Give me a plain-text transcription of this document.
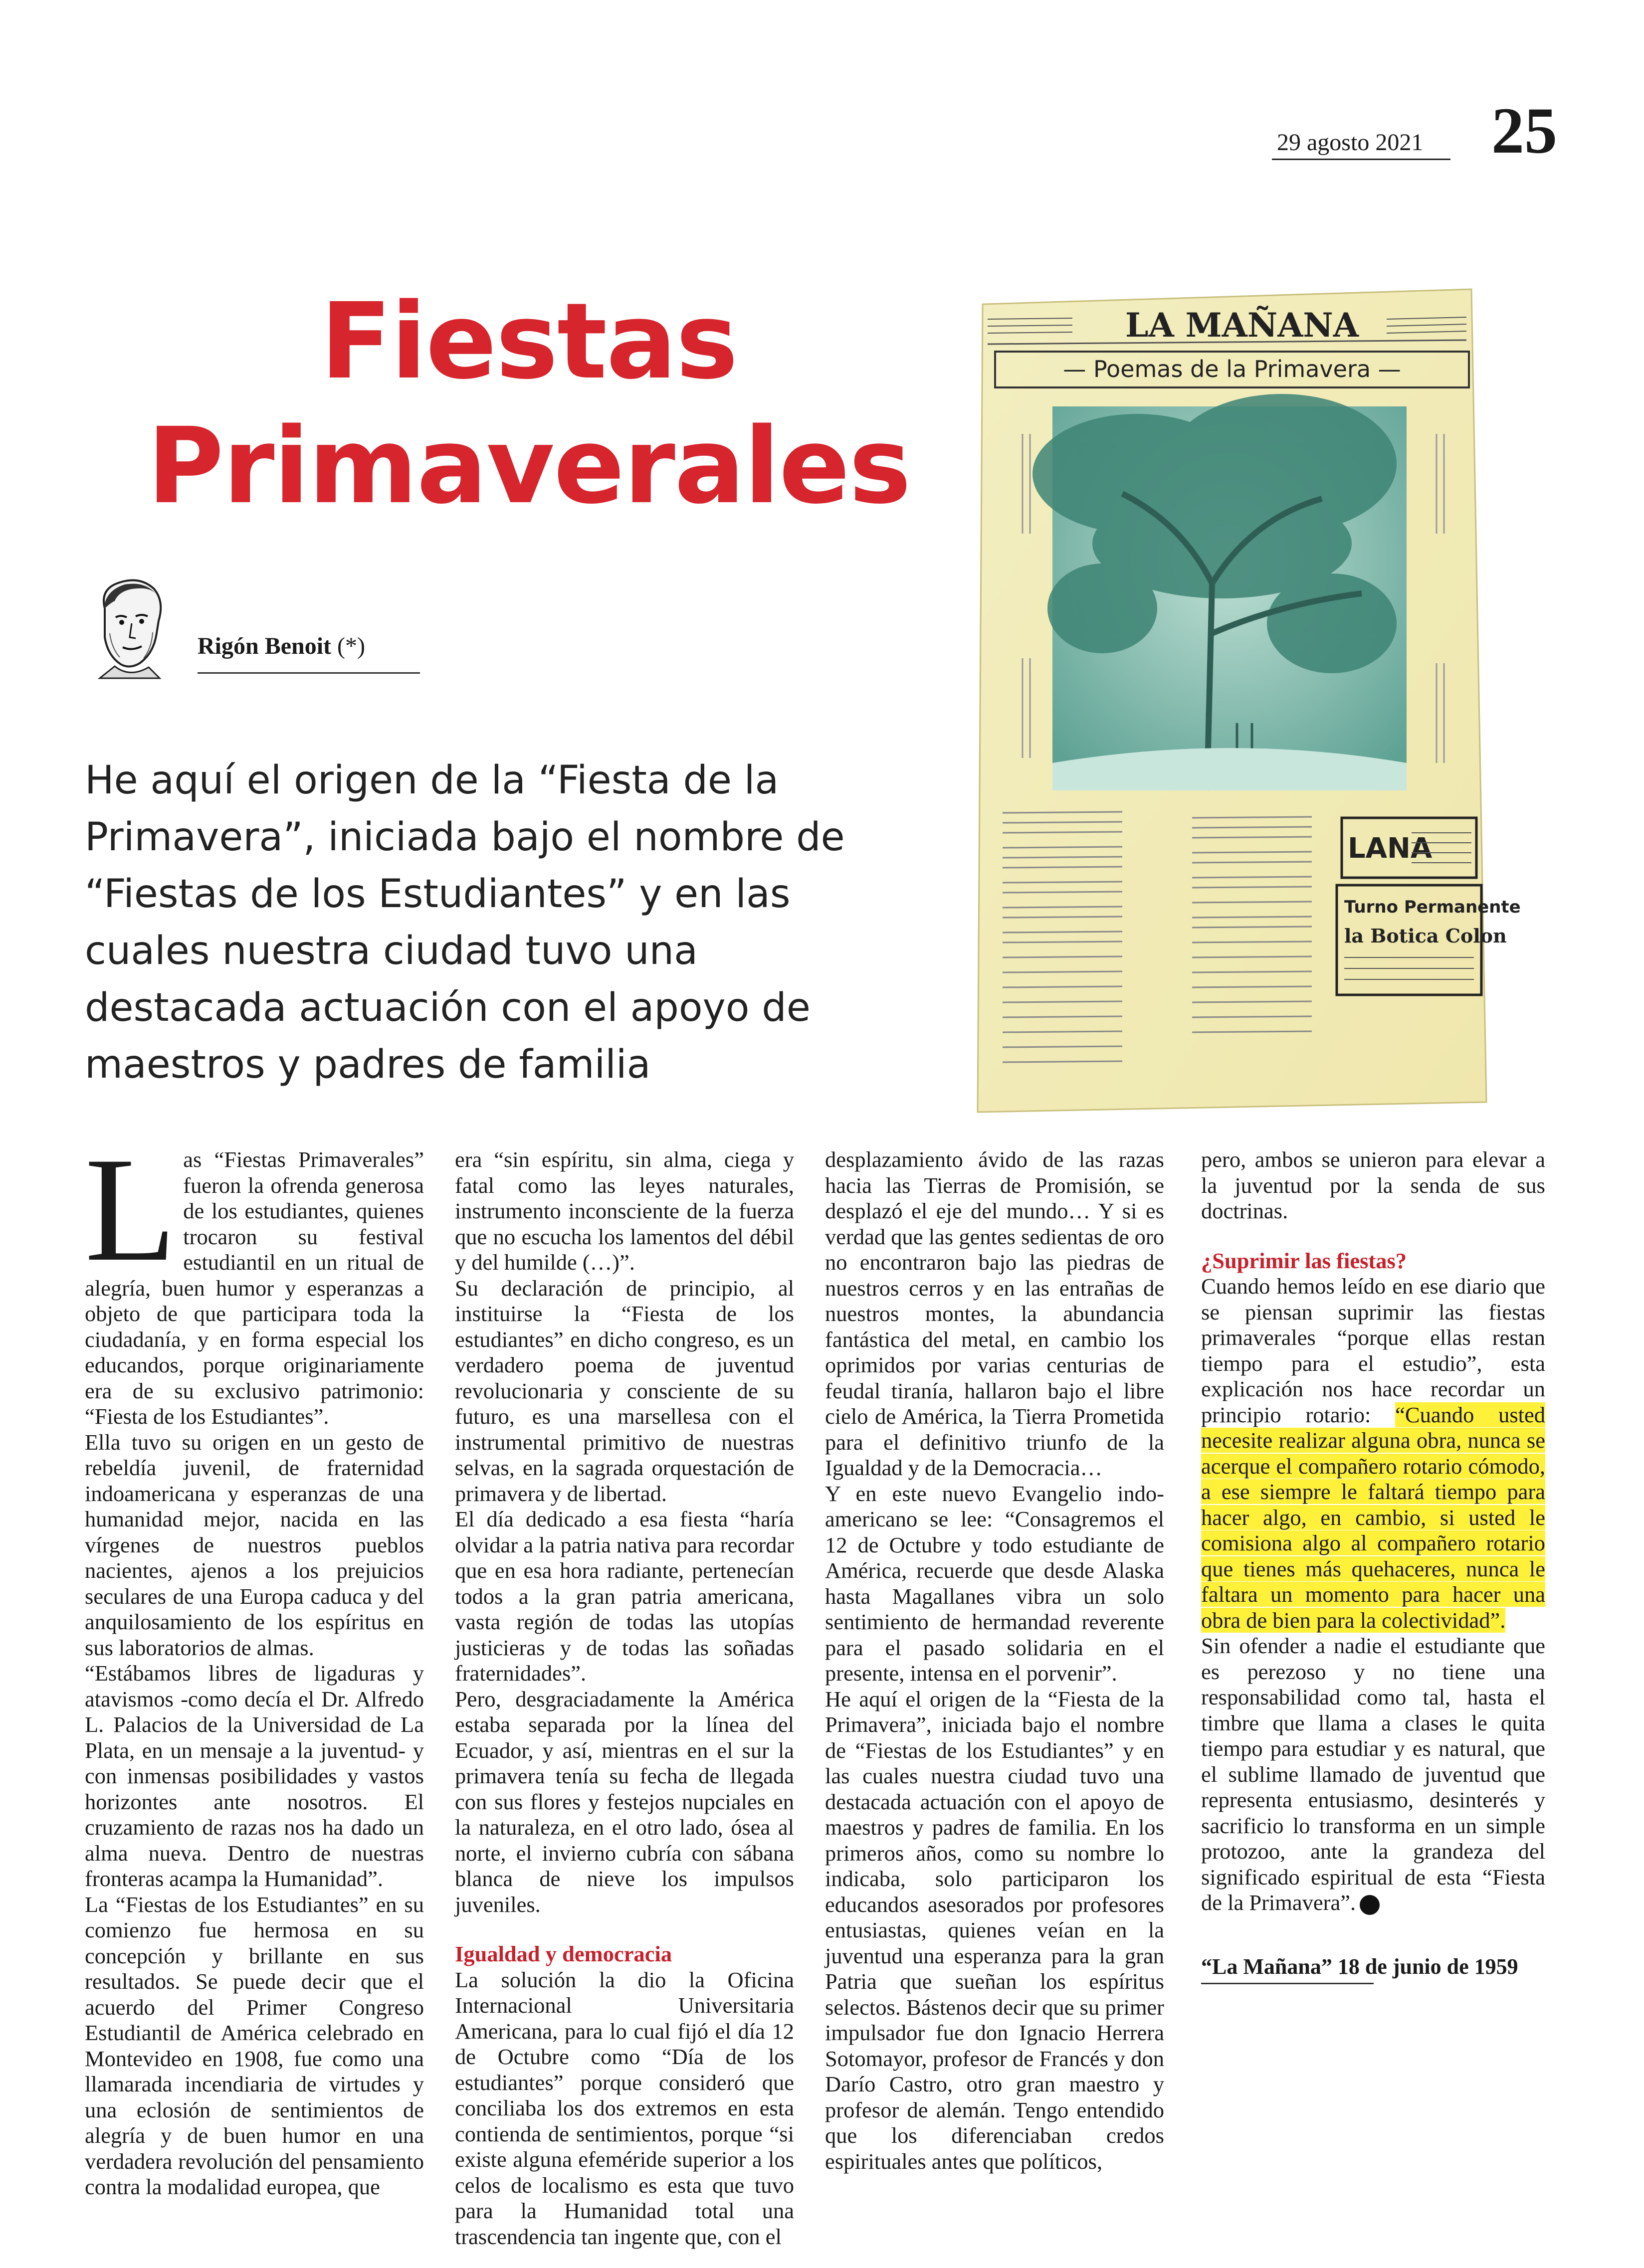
29 agosto 2021 25
Fiestas
Primaverales
Rigón Benoit (*)
He aquí el origen de la “Fiesta de la Primavera”, iniciada bajo el nombre de “Fiestas de los Estudiantes” y en las cuales nuestra ciudad tuvo una destacada actuación con el apoyo de maestros y padres de familia
LA MAÑANA
— Poemas de la Primavera —
LANA
Turno Permanente
la Botica Colon
L as “Fiestas Primaverales” fueron la ofrenda generosa de los estudiantes, quienes trocaron su festival estudiantil en un ritual de alegría, buen humor y esperanzas a objeto de que participara toda la ciudadanía, y en forma especial los educandos, porque originariamente era de su exclusivo patrimonio: “Fiesta de los Estudiantes”.

Ella tuvo su origen en un gesto de rebeldía juvenil, de fraternidad indoamericana y esperanzas de una humanidad mejor, nacida en las vírgenes de nuestros pueblos nacientes, ajenos a los prejuicios seculares de una Europa caduca y del anquilosamiento de los espíritus en sus laboratorios de almas.

“Estábamos libres de ligaduras y atavismos -como decía el Dr. Alfredo L. Palacios de la Universidad de La Plata, en un mensaje a la juventud- y con inmensas posibilidades y vastos horizontes ante nosotros. El cruzamiento de razas nos ha dado un alma nueva. Dentro de nuestras fronteras acampa la Humanidad”.

La “Fiestas de los Estudiantes” en su comienzo fue hermosa en su concepción y brillante en sus resultados. Se puede decir que el acuerdo del Primer Congreso Estudiantil de América celebrado en Montevideo en 1908, fue como una llamarada incendiaria de virtudes y una eclosión de sentimientos de alegría y de buen humor en una verdadera revolución del pensamiento contra la modalidad europea, que

era “sin espíritu, sin alma, ciega y fatal como las leyes naturales, instrumento inconsciente de la fuerza que no escucha los lamentos del débil y del humilde (…)”.

Su declaración de principio, al instituirse la “Fiesta de los estudiantes” en dicho congreso, es un verdadero poema de juventud revolucionaria y consciente de su futuro, es una marsellesa con el instrumental primitivo de nuestras selvas, en la sagrada orquestación de primavera y de libertad.

El día dedicado a esa fiesta “haría olvidar a la patria nativa para recordar que en esa hora radiante, pertenecían todos a la gran patria americana, vasta región de todas las utopías justicieras y de todas las soñadas fraternidades”.

Pero, desgraciadamente la América estaba separada por la línea del Ecuador, y así, mientras en el sur la primavera tenía su fecha de llegada con sus flores y festejos nupciales en la naturaleza, en el otro lado, ósea al norte, el invierno cubría con sábana blanca de nieve los impulsos juveniles.

Igualdad y democracia

La solución la dio la Oficina Internacional Universitaria Americana, para lo cual fijó el día 12 de Octubre como “Día de los estudiantes” porque consideró que conciliaba los dos extremos en esta contienda de sentimientos, porque “si existe alguna efeméride superior a los celos de localismo es esta que tuvo para la Humanidad total una trascendencia tan ingente que, con el

desplazamiento ávido de las razas hacia las Tierras de Promisión, se desplazó el eje del mundo… Y si es verdad que las gentes sedientas de oro no encontraron bajo las piedras de nuestros cerros y en las entrañas de nuestros montes, la abundancia fantástica del metal, en cambio los oprimidos por varias centurias de feudal tiranía, hallaron bajo el libre cielo de América, la Tierra Prometida para el definitivo triunfo de la Igualdad y de la Democracia…

Y en este nuevo Evangelio indo-americano se lee: “Consagremos el 12 de Octubre y todo estudiante de América, recuerde que desde Alaska hasta Magallanes vibra un solo sentimiento de hermandad reverente para el pasado solidaria en el presente, intensa en el porvenir”.

He aquí el origen de la “Fiesta de la Primavera”, iniciada bajo el nombre de “Fiestas de los Estudiantes” y en las cuales nuestra ciudad tuvo una destacada actuación con el apoyo de maestros y padres de familia. En los primeros años, como su nombre lo indicaba, solo participaron los educandos asesorados por profesores entusiastas, quienes veían en la juventud una esperanza para la gran Patria que sueñan los espíritus selectos. Bástenos decir que su primer impulsador fue don Ignacio Herrera Sotomayor, profesor de Francés y don Darío Castro, otro gran maestro y profesor de alemán. Tengo entendido que los diferenciaban credos espirituales antes que políticos,

pero, ambos se unieron para elevar a la juventud por la senda de sus doctrinas.

¿Suprimir las fiestas?

Cuando hemos leído en ese diario que se piensan suprimir las fiestas primaverales “porque ellas restan tiempo para el estudio”, esta explicación nos hace recordar un principio rotario: “Cuando usted necesite realizar alguna obra, nunca se acerque el compañero rotario cómodo, a ese siempre le faltará tiempo para hacer algo, en cambio, si usted le comisiona algo al compañero rotario que tienes más quehaceres, nunca le faltara un momento para hacer una obra de bien para la colectividad”.

Sin ofender a nadie el estudiante que es perezoso y no tiene una responsabilidad como tal, hasta el timbre que llama a clases le quita tiempo para estudiar y es natural, que el sublime llamado de juventud que representa entusiasmo, desinterés y sacrificio lo transforma en un simple protozoo, ante la grandeza del significado espiritual de esta “Fiesta de la Primavera”.

“La Mañana” 18 de junio de 1959
